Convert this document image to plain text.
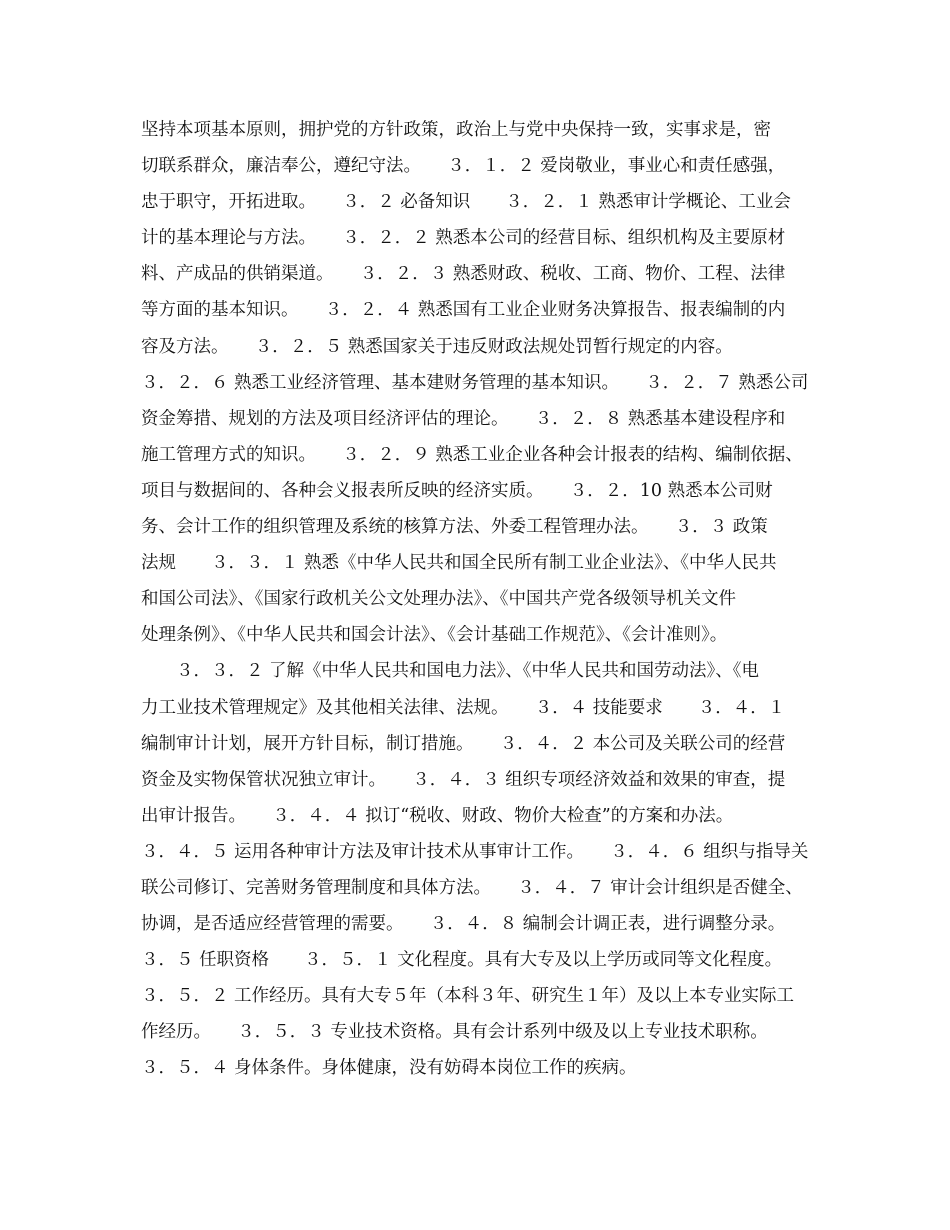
坚持本项基本原则，拥护党的方针政策，政治上与党中央保持一致，实事求是，密
切联系群众，廉洁奉公，遵纪守法。　　３．１．２ 爱岗敬业，事业心和责任感强，
忠于职守，开拓进取。　　３．２ 必备知识　　３．２．１ 熟悉审计学概论、工业会
计的基本理论与方法。　　３．２．２ 熟悉本公司的经营目标、组织机构及主要原材
料、产成品的供销渠道。　　３．２．３ 熟悉财政、税收、工商、物价、工程、法律
等方面的基本知识。　　３．２．４ 熟悉国有工业企业财务决算报告、报表编制的内
容及方法。　　３．２．５ 熟悉国家关于违反财政法规处罚暂行规定的内容。　　
３．２．６ 熟悉工业经济管理、基本建财务管理的基本知识。　　３．２．７ 熟悉公司
资金筹措、规划的方法及项目经济评估的理论。　　３．２．８ 熟悉基本建设程序和
施工管理方式的知识。　　３．２．９ 熟悉工业企业各种会计报表的结构、编制依据、
项目与数据间的、各种会义报表所反映的经济实质。　　３．２．10 熟悉本公司财
务、会计工作的组织管理及系统的核算方法、外委工程管理办法。　　３．３ 政策
法规　　３．３．１ 熟悉《中华人民共和国全民所有制工业企业法》、《中华人民共
和国公司法》、《国家行政机关公文处理办法》、《中国共产党各级领导机关文件
处理条例》、《中华人民共和国会计法》、《会计基础工作规范》、《会计准则》。
　　３．３．２ 了解《中华人民共和国电力法》、《中华人民共和国劳动法》、《电
力工业技术管理规定》及其他相关法律、法规。　　３．４ 技能要求　　３．４．１
编制审计计划，展开方针目标，制订措施。　　３．４．２ 本公司及关联公司的经营
资金及实物保管状况独立审计。　　３．４．３ 组织专项经济效益和效果的审查，提
出审计报告。　　３．４．４ 拟订“税收、财政、物价大检查”的方案和办法。　　
３．４．５ 运用各种审计方法及审计技术从事审计工作。　　３．４．６ 组织与指导关
联公司修订、完善财务管理制度和具体方法。　　３．４．７ 审计会计组织是否健全、
协调，是否适应经营管理的需要。　　３．４．８ 编制会计调正表，进行调整分录。
３．５ 任职资格　　３．５．１ 文化程度。具有大专及以上学历或同等文化程度。
３．５．２ 工作经历。具有大专５年（本科３年、研究生１年）及以上本专业实际工
作经历。　　３．５．３ 专业技术资格。具有会计系列中级及以上专业技术职称。
３．５．４ 身体条件。身体健康，没有妨碍本岗位工作的疾病。
